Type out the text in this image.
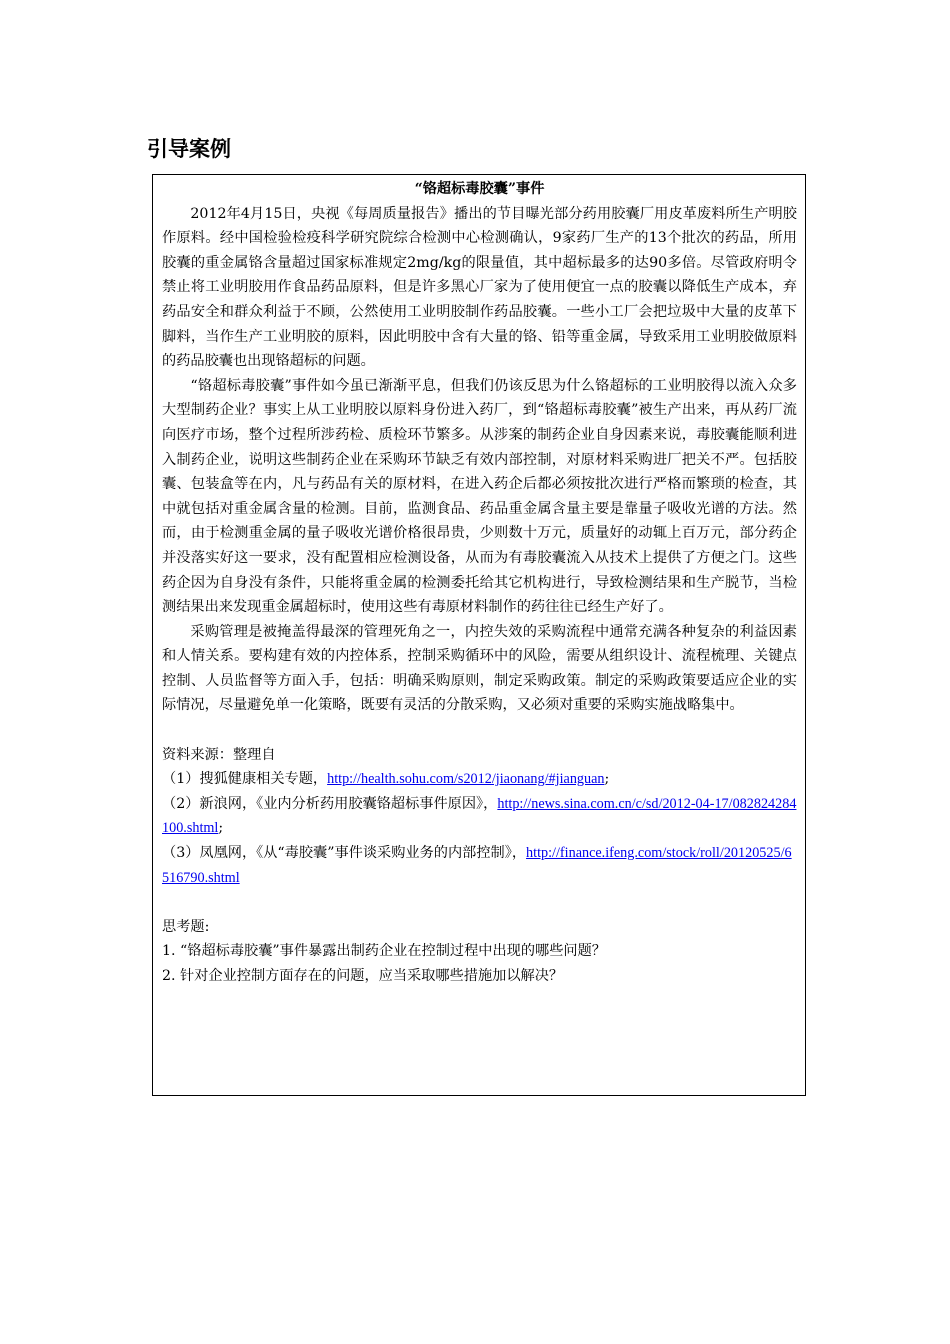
引导案例

“铬超标毒胶囊”事件

2012年4月15日，央视《每周质量报告》播出的节目曝光部分药用胶囊厂用皮革废料所生产明胶作原料。经中国检验检疫科学研究院综合检测中心检测确认，9家药厂生产的13个批次的药品，所用胶囊的重金属铬含量超过国家标准规定2mg/kg的限量值，其中超标最多的达90多倍。尽管政府明令禁止将工业明胶用作食品药品原料，但是许多黑心厂家为了使用便宜一点的胶囊以降低生产成本，弃药品安全和群众利益于不顾，公然使用工业明胶制作药品胶囊。一些小工厂会把垃圾中大量的皮革下脚料，当作生产工业明胶的原料，因此明胶中含有大量的铬、铅等重金属，导致采用工业明胶做原料的药品胶囊也出现铬超标的问题。

“铬超标毒胶囊”事件如今虽已渐渐平息，但我们仍该反思为什么铬超标的工业明胶得以流入众多大型制药企业？事实上从工业明胶以原料身份进入药厂，到“铬超标毒胶囊”被生产出来，再从药厂流向医疗市场，整个过程所涉药检、质检环节繁多。从涉案的制药企业自身因素来说，毒胶囊能顺利进入制药企业，说明这些制药企业在采购环节缺乏有效内部控制，对原材料采购进厂把关不严。包括胶囊、包装盒等在内，凡与药品有关的原材料，在进入药企后都必须按批次进行严格而繁琐的检查，其中就包括对重金属含量的检测。目前，监测食品、药品重金属含量主要是靠量子吸收光谱的方法。然而，由于检测重金属的量子吸收光谱价格很昂贵，少则数十万元，质量好的动辄上百万元，部分药企并没落实好这一要求，没有配置相应检测设备，从而为有毒胶囊流入从技术上提供了方便之门。这些药企因为自身没有条件，只能将重金属的检测委托给其它机构进行，导致检测结果和生产脱节，当检测结果出来发现重金属超标时，使用这些有毒原材料制作的药往往已经生产好了。

采购管理是被掩盖得最深的管理死角之一，内控失效的采购流程中通常充满各种复杂的利益因素和人情关系。要构建有效的内控体系，控制采购循环中的风险，需要从组织设计、流程梳理、关键点控制、人员监督等方面入手，包括：明确采购原则，制定采购政策。制定的采购政策要适应企业的实际情况，尽量避免单一化策略，既要有灵活的分散采购，又必须对重要的采购实施战略集中。

资料来源：整理自

（1）搜狐健康相关专题，http://health.sohu.com/s2012/jiaonang/#jianguan;

（2）新浪网，《业内分析药用胶囊铬超标事件原因》，http://news.sina.com.cn/c/sd/2012-04-17/082824284100.shtml;

（3）凤凰网，《从“毒胶囊”事件谈采购业务的内部控制》，http://finance.ifeng.com/stock/roll/20120525/6516790.shtml

思考题:

1. “铬超标毒胶囊”事件暴露出制药企业在控制过程中出现的哪些问题？

2. 针对企业控制方面存在的问题，应当采取哪些措施加以解决？
